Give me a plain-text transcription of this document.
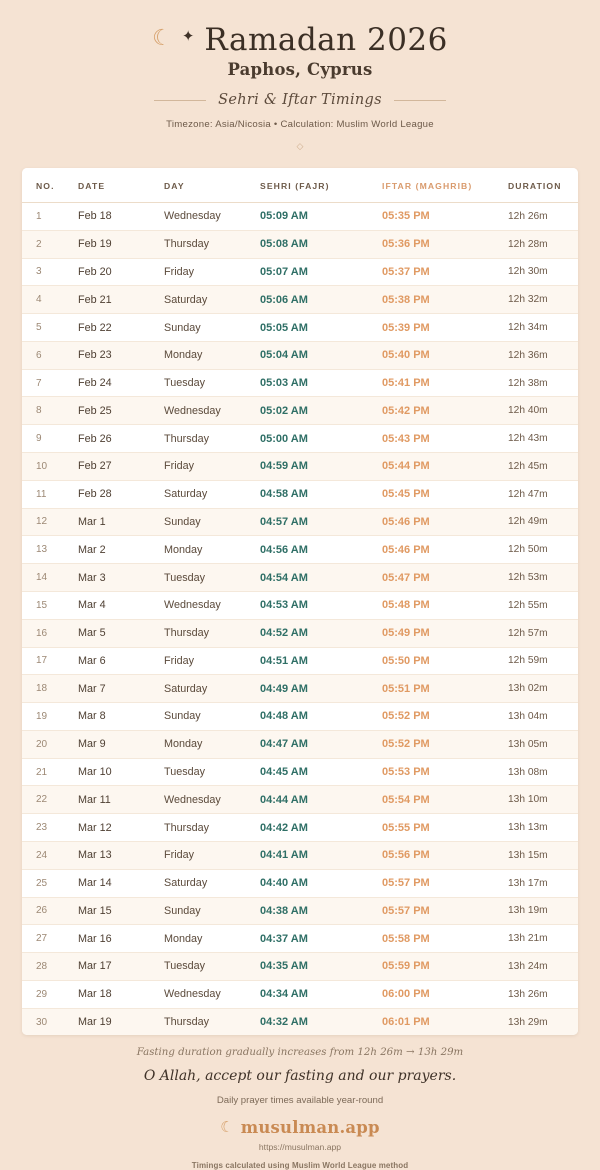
☾ ✦ Ramadan 2026
Paphos, Cyprus
Sehri & Iftar Timings
Timezone: Asia/Nicosia • Calculation: Muslim World League
◇
NO.	DATE	DAY	SEHRI (FAJR)	IFTAR (MAGHRIB)	DURATION
1	Feb 18	Wednesday	05:09 AM	05:35 PM	12h 26m
2	Feb 19	Thursday	05:08 AM	05:36 PM	12h 28m
3	Feb 20	Friday	05:07 AM	05:37 PM	12h 30m
4	Feb 21	Saturday	05:06 AM	05:38 PM	12h 32m
5	Feb 22	Sunday	05:05 AM	05:39 PM	12h 34m
6	Feb 23	Monday	05:04 AM	05:40 PM	12h 36m
7	Feb 24	Tuesday	05:03 AM	05:41 PM	12h 38m
8	Feb 25	Wednesday	05:02 AM	05:42 PM	12h 40m
9	Feb 26	Thursday	05:00 AM	05:43 PM	12h 43m
10	Feb 27	Friday	04:59 AM	05:44 PM	12h 45m
11	Feb 28	Saturday	04:58 AM	05:45 PM	12h 47m
12	Mar 1	Sunday	04:57 AM	05:46 PM	12h 49m
13	Mar 2	Monday	04:56 AM	05:46 PM	12h 50m
14	Mar 3	Tuesday	04:54 AM	05:47 PM	12h 53m
15	Mar 4	Wednesday	04:53 AM	05:48 PM	12h 55m
16	Mar 5	Thursday	04:52 AM	05:49 PM	12h 57m
17	Mar 6	Friday	04:51 AM	05:50 PM	12h 59m
18	Mar 7	Saturday	04:49 AM	05:51 PM	13h 02m
19	Mar 8	Sunday	04:48 AM	05:52 PM	13h 04m
20	Mar 9	Monday	04:47 AM	05:52 PM	13h 05m
21	Mar 10	Tuesday	04:45 AM	05:53 PM	13h 08m
22	Mar 11	Wednesday	04:44 AM	05:54 PM	13h 10m
23	Mar 12	Thursday	04:42 AM	05:55 PM	13h 13m
24	Mar 13	Friday	04:41 AM	05:56 PM	13h 15m
25	Mar 14	Saturday	04:40 AM	05:57 PM	13h 17m
26	Mar 15	Sunday	04:38 AM	05:57 PM	13h 19m
27	Mar 16	Monday	04:37 AM	05:58 PM	13h 21m
28	Mar 17	Tuesday	04:35 AM	05:59 PM	13h 24m
29	Mar 18	Wednesday	04:34 AM	06:00 PM	13h 26m
30	Mar 19	Thursday	04:32 AM	06:01 PM	13h 29m
Fasting duration gradually increases from 12h 26m → 13h 29m
O Allah, accept our fasting and our prayers.
Daily prayer times available year-round
☾ musulman.app
https://musulman.app
Timings calculated using Muslim World League method
